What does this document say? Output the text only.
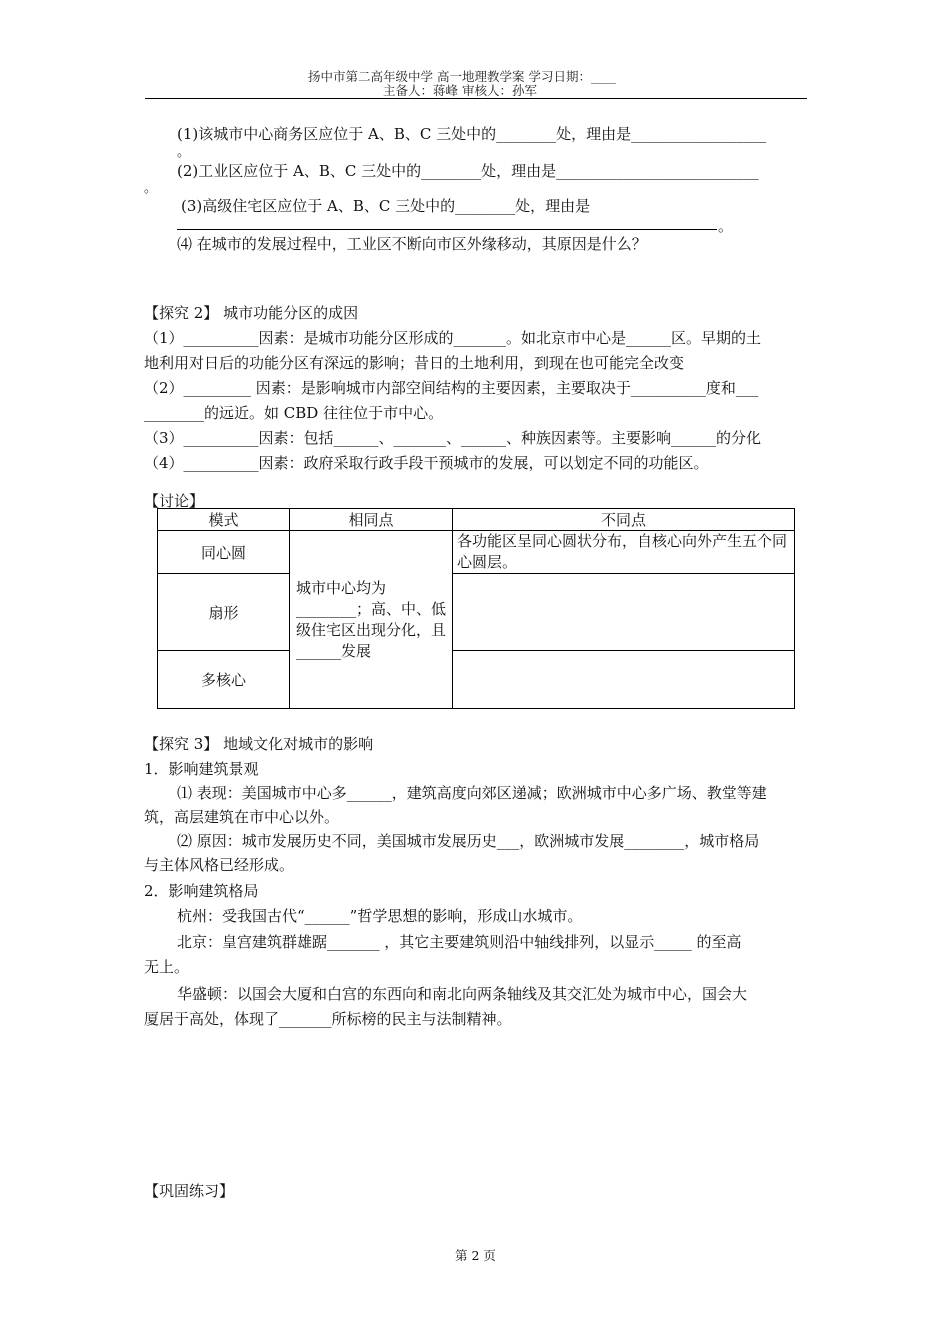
扬中市第二高年级中学 高一地理教学案 学习日期：____
主备人：蒋峰 审核人：孙军
(1)该城市中心商务区应位于 A、B、C 三处中的________处，理由是__________________
。
(2)工业区应位于 A、B、C 三处中的________处，理由是___________________________
。
(3)高级住宅区应位于 A、B、C 三处中的________处，理由是
。
⑷ 在城市的发展过程中，工业区不断向市区外缘移动，其原因是什么？
【探究 2】 城市功能分区的成因
（1）__________因素：是城市功能分区形成的_______。如北京市中心是______区。早期的土
地利用对日后的功能分区有深远的影响；昔日的土地利用，到现在也可能完全改变
（2）_________ 因素：是影响城市内部空间结构的主要因素，主要取决于__________度和___
________的远近。如 CBD 往往位于市中心。
（3）__________因素：包括______、_______、______、种族因素等。主要影响______的分化
（4）__________因素：政府采取行政手段干预城市的发展，可以划定不同的功能区。
【讨论】
模式	相同点	不同点
同心圆	城市中心均为________；高、中、低级住宅区出现分化，且______发展	各功能区呈同心圆状分布，自核心向外产生五个同心圆层。
扇形		
多核心		
【探究 3】 地域文化对城市的影响
1．影响建筑景观
⑴ 表现：美国城市中心多______，建筑高度向郊区递减；欧洲城市中心多广场、教堂等建
筑，高层建筑在市中心以外。
⑵ 原因：城市发展历史不同，美国城市发展历史___，欧洲城市发展________，城市格局
与主体风格已经形成。
2．影响建筑格局
杭州：受我国古代“______”哲学思想的影响，形成山水城市。
北京：皇宫建筑群雄踞_______ ，其它主要建筑则沿中轴线排列，以显示_____ 的至高
无上。
华盛顿：以国会大厦和白宫的东西向和南北向两条轴线及其交汇处为城市中心，国会大
厦居于高处，体现了_______所标榜的民主与法制精神。
【巩固练习】
第 2 页
